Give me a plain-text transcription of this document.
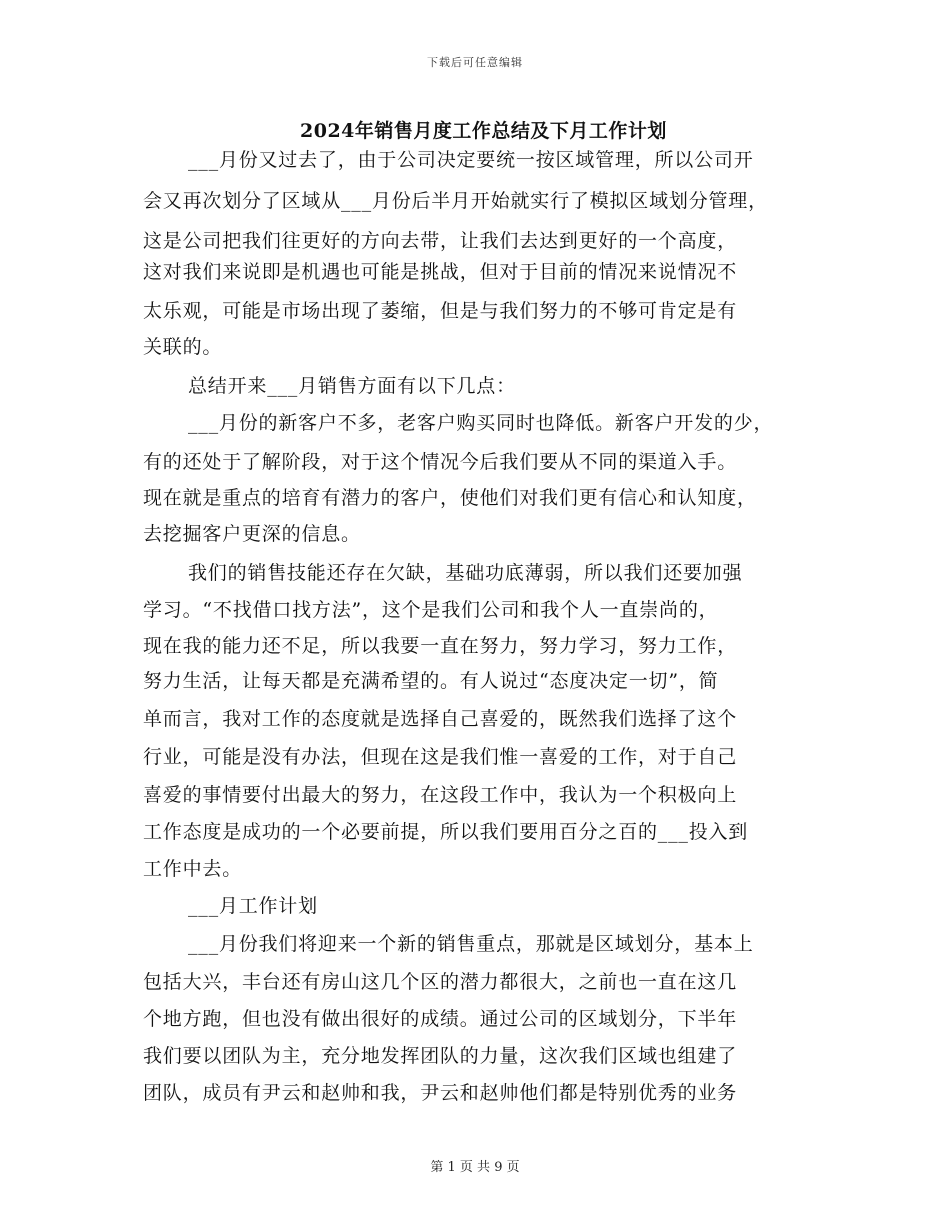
下载后可任意编辑
2024年销售月度工作总结及下月工作计划
___月份又过去了，由于公司决定要统一按区域管理，所以公司开
会又再次划分了区域从___月份后半月开始就实行了模拟区域划分管理，
这是公司把我们往更好的方向去带，让我们去达到更好的一个高度，
这对我们来说即是机遇也可能是挑战，但对于目前的情况来说情况不
太乐观，可能是市场出现了萎缩，但是与我们努力的不够可肯定是有
关联的。
总结开来___月销售方面有以下几点：
___月份的新客户不多，老客户购买同时也降低。新客户开发的少，
有的还处于了解阶段，对于这个情况今后我们要从不同的渠道入手。
现在就是重点的培育有潜力的客户，使他们对我们更有信心和认知度，
去挖掘客户更深的信息。
我们的销售技能还存在欠缺，基础功底薄弱，所以我们还要加强
学习。“不找借口找方法”，这个是我们公司和我个人一直崇尚的，
现在我的能力还不足，所以我要一直在努力，努力学习，努力工作，
努力生活，让每天都是充满希望的。有人说过“态度决定一切”，简
单而言，我对工作的态度就是选择自己喜爱的，既然我们选择了这个
行业，可能是没有办法，但现在这是我们惟一喜爱的工作，对于自己
喜爱的事情要付出最大的努力，在这段工作中，我认为一个积极向上
工作态度是成功的一个必要前提，所以我们要用百分之百的___投入到
工作中去。
___月工作计划
___月份我们将迎来一个新的销售重点，那就是区域划分，基本上
包括大兴，丰台还有房山这几个区的潜力都很大，之前也一直在这几
个地方跑，但也没有做出很好的成绩。通过公司的区域划分，下半年
我们要以团队为主，充分地发挥团队的力量，这次我们区域也组建了
团队，成员有尹云和赵帅和我，尹云和赵帅他们都是特别优秀的业务
第 1 页 共 9 页
